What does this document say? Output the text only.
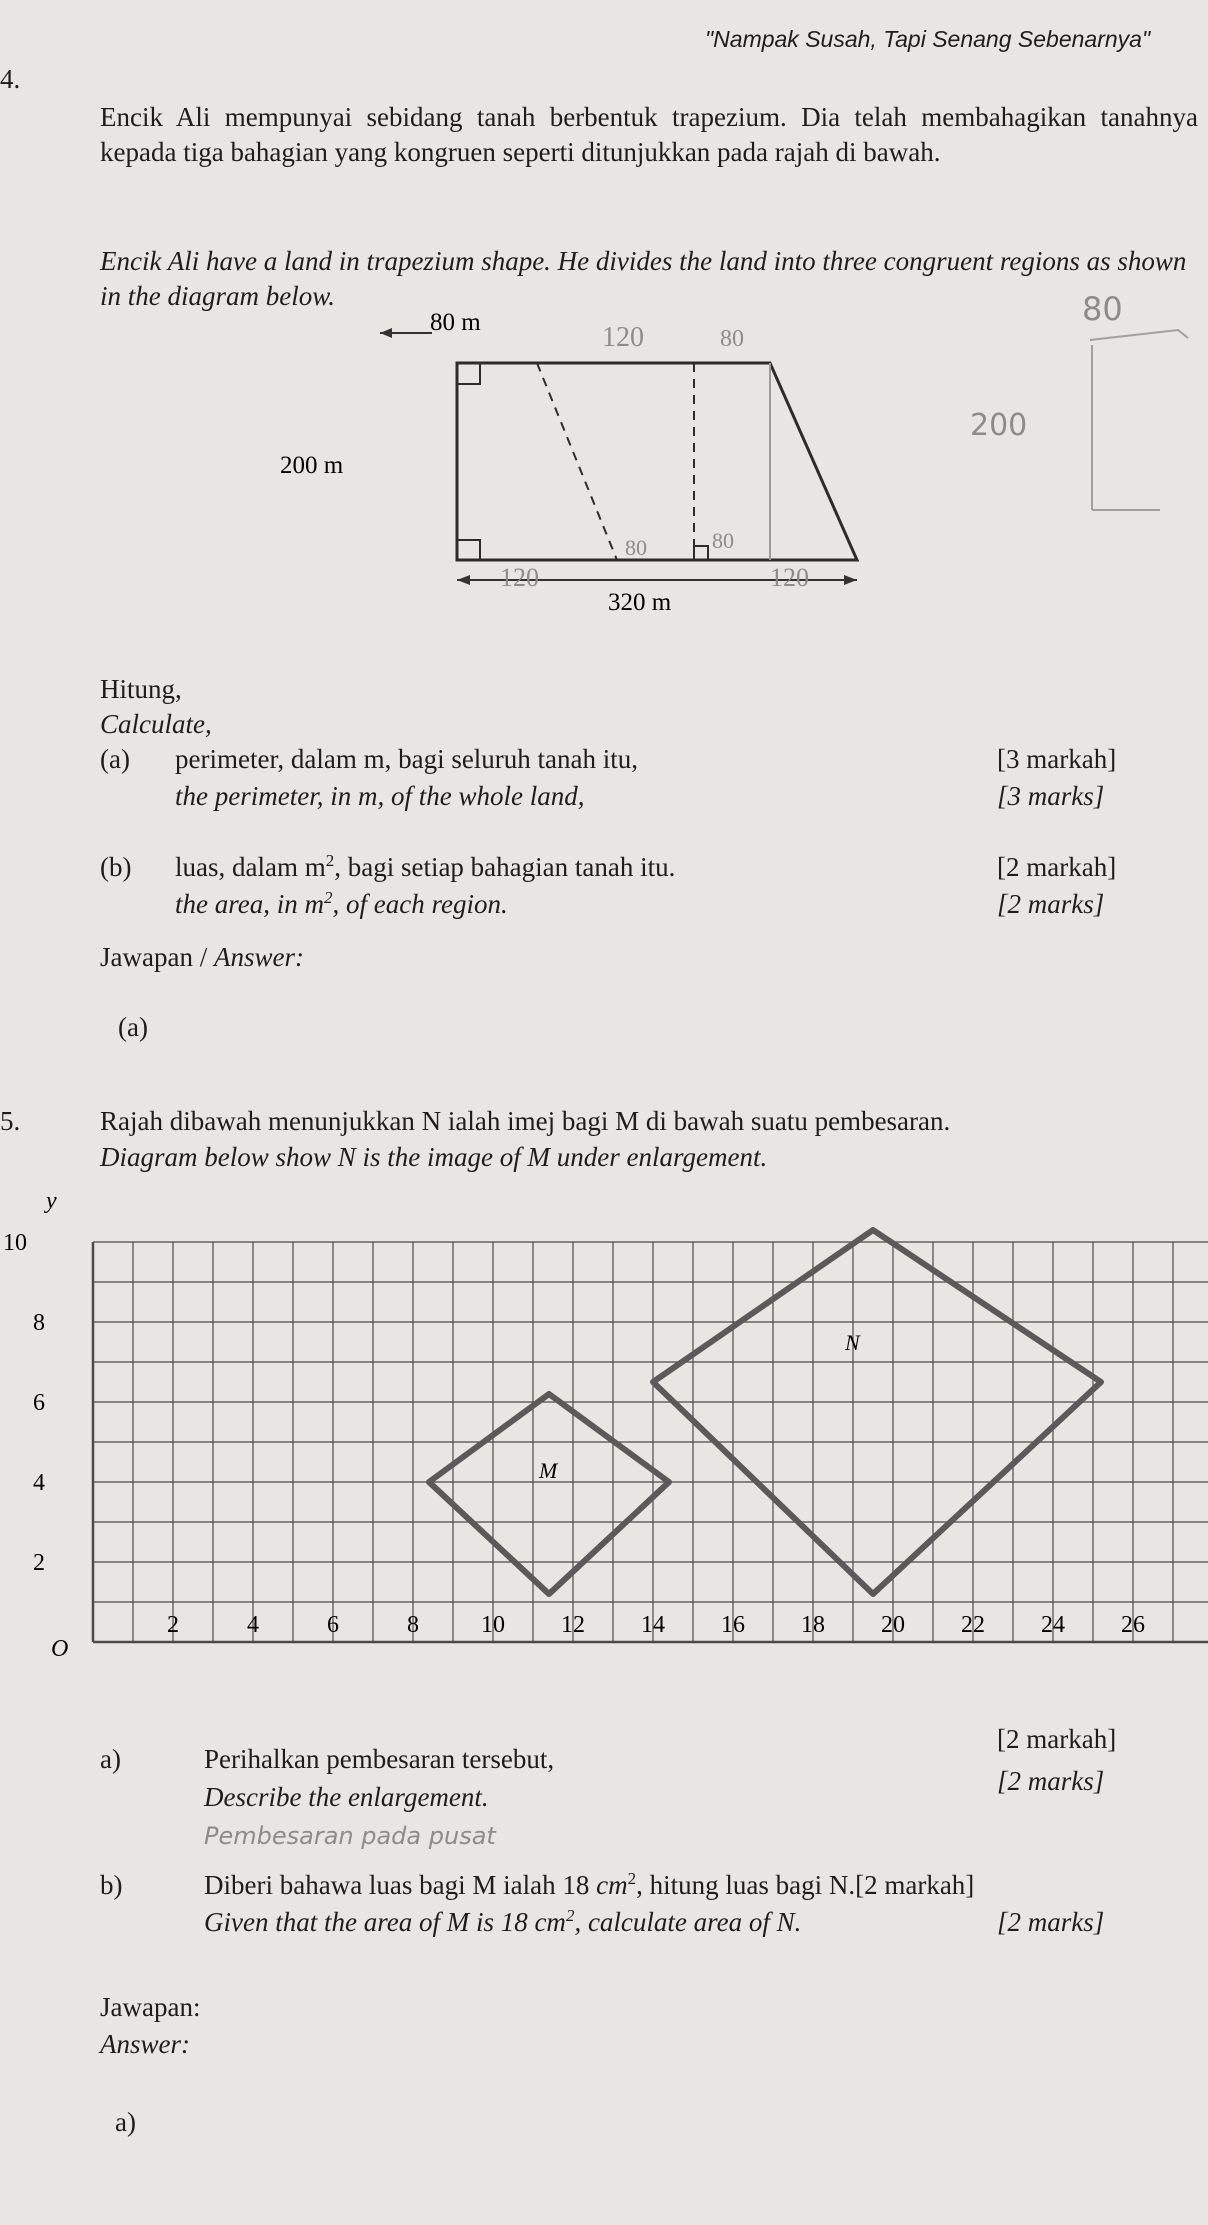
"Nampak Susah, Tapi Senang Sebenarnya"
4.
Encik Ali mempunyai sebidang tanah berbentuk trapezium. Dia telah membahagikan tanahnya kepada tiga bahagian yang kongruen seperti ditunjukkan pada rajah di bawah.
Encik Ali have a land in trapezium shape. He divides the land into three congruent regions as shown in the diagram below.
80 m
200 m
320 m
120	80
80	80
120	120
80
200
Hitung,
Calculate,
(a) perimeter, dalam m, bagi seluruh tanah itu,	[3 markah]
the perimeter, in m, of the whole land,	[3 marks]
(b) luas, dalam $m^2$, bagi setiap bahagian tanah itu.	[2 markah]
the area, in $m^2$, of each region.	[2 marks]
Jawapan / Answer:
(a)
5.	Rajah dibawah menunjukkan N ialah imej bagi M di bawah suatu pembesaran.
Diagram below show N is the image of M under enlargement.
M
N
y
O
2
4
6
8
10
2	4	6	8	10 12 14 16 18 20 22 24 26
a)	Perihalkan pembesaran tersebut,
[2 markah]
Describe the enlargement.
[2 marks]
Pembesaran pada pusat
b)	Diberi bahawa luas bagi M ialah 18 $cm^2$, hitung luas bagi N.[2 markah]
Given that the area of M is 18 $cm^2$, calculate area of N.	[2 marks]
Jawapan:
Answer:
a)
